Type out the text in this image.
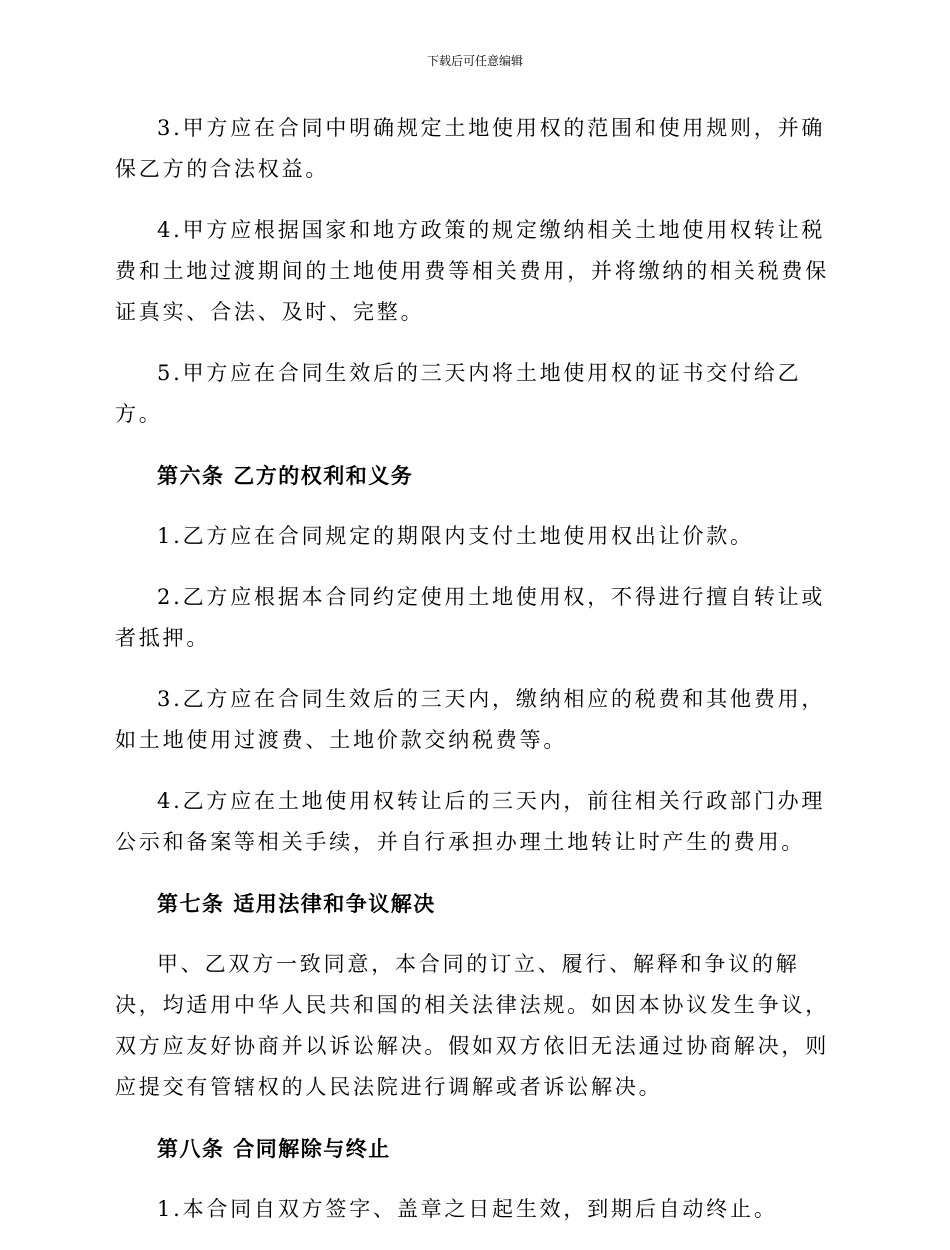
下载后可任意编辑

3.甲方应在合同中明确规定土地使用权的范围和使用规则，并确保乙方的合法权益。

4.甲方应根据国家和地方政策的规定缴纳相关土地使用权转让税费和土地过渡期间的土地使用费等相关费用，并将缴纳的相关税费保证真实、合法、及时、完整。

5.甲方应在合同生效后的三天内将土地使用权的证书交付给乙方。

第六条 乙方的权利和义务

1.乙方应在合同规定的期限内支付土地使用权出让价款。

2.乙方应根据本合同约定使用土地使用权，不得进行擅自转让或者抵押。

3.乙方应在合同生效后的三天内，缴纳相应的税费和其他费用，如土地使用过渡费、土地价款交纳税费等。

4.乙方应在土地使用权转让后的三天内，前往相关行政部门办理公示和备案等相关手续，并自行承担办理土地转让时产生的费用。

第七条 适用法律和争议解决

甲、乙双方一致同意，本合同的订立、履行、解释和争议的解决，均适用中华人民共和国的相关法律法规。如因本协议发生争议，双方应友好协商并以诉讼解决。假如双方依旧无法通过协商解决，则应提交有管辖权的人民法院进行调解或者诉讼解决。

第八条 合同解除与终止

1.本合同自双方签字、盖章之日起生效，到期后自动终止。
